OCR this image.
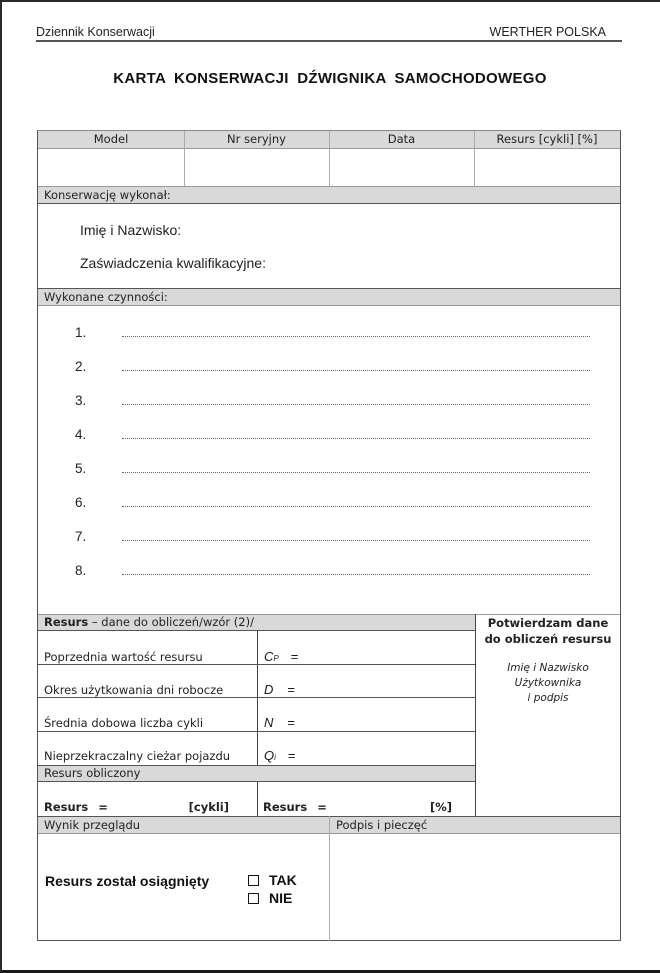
Dziennik Konserwacji	WERTHER POLSKA
KARTA KONSERWACJI DŹWIGNIKA SAMOCHODOWEGO
Model	Nr seryjny	Data	Resurs [cykli] [%]
Konserwację wykonał:
Imię i Nazwisko:
Zaświadczenia kwalifikacyjne:
Wykonane czynności:
1.
2.
3.
4.
5.
6.
7.
8.
Resurs – dane do obliczeń/wzór (2)/
Poprzednia wartość resursu	CP =
Okres użytkowania dni robocze	D =
Średnia dobowa liczba cykli	N =
Nieprzekraczalny cieżar pojazdu	Qi =
Potwierdzam dane do obliczeń resursu
Imię i Nazwisko
Użytkownika
i podpis
Resurs obliczony
Resurs =	[cykli]	Resurs =	[%]
Wynik przeglądu	Podpis i pieczęć
Resurs został osiągnięty	TAK
NIE
